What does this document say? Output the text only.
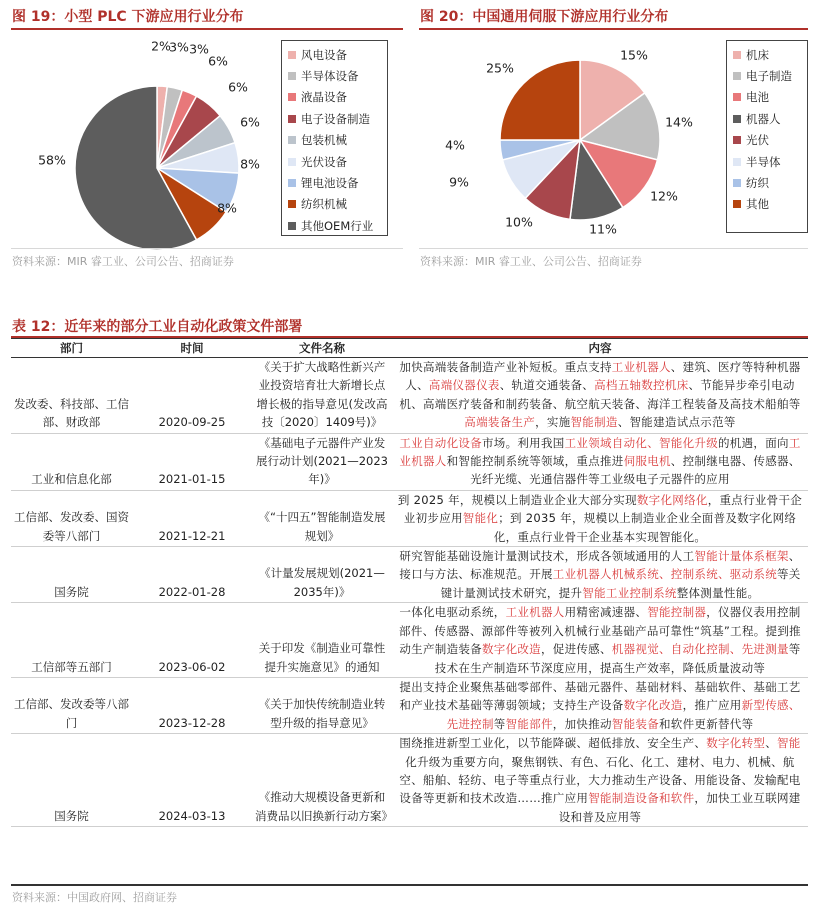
图 19：小型 PLC 下游应用行业分布
2%
3% 3%
6%
6%
6%
8%
8%
58%
风电设备
半导体设备
液晶设备
电子设备制造
包装机械
光伏设备
锂电池设备
纺织机械
其他OEM行业
资料来源：MIR 睿工业、公司公告、招商证券
图 20：中国通用伺服下游应用行业分布
15%
14%
12%
11%
10%
9%
4%
25%
机床
电子制造
电池
机器人
光伏
半导体
纺织
其他
资料来源：MIR 睿工业、公司公告、招商证券
表 12：近年来的部分工业自动化政策文件部署
部门	时间	文件名称	内容
发改委、科技部、工信部、财政部	2020-09-25	《关于扩大战略性新兴产业投资培育壮大新增长点增长极的指导意见(发改高技〔2020〕1409号)》	加快高端装备制造产业补短板。重点支持工业机器人、建筑、医疗等特种机器人、高端仪器仪表、轨道交通装备、高档五轴数控机床、节能异步牵引电动机、高端医疗装备和制药装备、航空航天装备、海洋工程装备及高技术船舶等高端装备生产，实施智能制造、智能建造试点示范等
工业和信息化部	2021-01-15	《基础电子元器件产业发展行动计划(2021—2023年)》	工业自动化设备市场。利用我国工业领域自动化、智能化升级的机遇，面向工业机器人和智能控制系统等领域，重点推进伺服电机、控制继电器、传感器、光纤光缆、光通信器件等工业级电子元器件的应用
工信部、发改委、国资委等八部门	2021-12-21	《“十四五”智能制造发展规划》	到 2025 年，规模以上制造业企业大部分实现数字化网络化，重点行业骨干企业初步应用智能化；到 2035 年，规模以上制造业企业全面普及数字化网络化，重点行业骨干企业基本实现智能化。
国务院	2022-01-28	《计量发展规划(2021—2035年)》	研究智能基础设施计量测试技术，形成各领域通用的人工智能计量体系框架、接口与方法、标准规范。开展工业机器人机械系统、控制系统、驱动系统等关键计量测试技术研究，提升智能工业控制系统整体测量性能。
工信部等五部门	2023-06-02	关于印发《制造业可靠性提升实施意见》的通知	一体化电驱动系统，工业机器人用精密减速器、智能控制器，仪器仪表用控制部件、传感器、源部件等被列入机械行业基础产品可靠性“筑基”工程。提到推动生产制造装备数字化改造，促进传感、机器视觉、自动化控制、先进测量等技术在生产制造环节深度应用，提高生产效率，降低质量波动等
工信部、发改委等八部门	2023-12-28	《关于加快传统制造业转型升级的指导意见》	提出支持企业聚焦基础零部件、基础元器件、基础材料、基础软件、基础工艺和产业技术基础等薄弱领域；支持生产设备数字化改造，推广应用新型传感、先进控制等智能部件，加快推动智能装备和软件更新替代等
国务院	2024-03-13	《推动大规模设备更新和消费品以旧换新行动方案》	围绕推进新型工业化，以节能降碳、超低排放、安全生产、数字化转型、智能化升级为重要方向，聚焦钢铁、有色、石化、化工、建材、电力、机械、航空、船舶、轻纺、电子等重点行业，大力推动生产设备、用能设备、发输配电设备等更新和技术改造……推广应用智能制造设备和软件，加快工业互联网建设和普及应用等
资料来源：中国政府网、招商证券
